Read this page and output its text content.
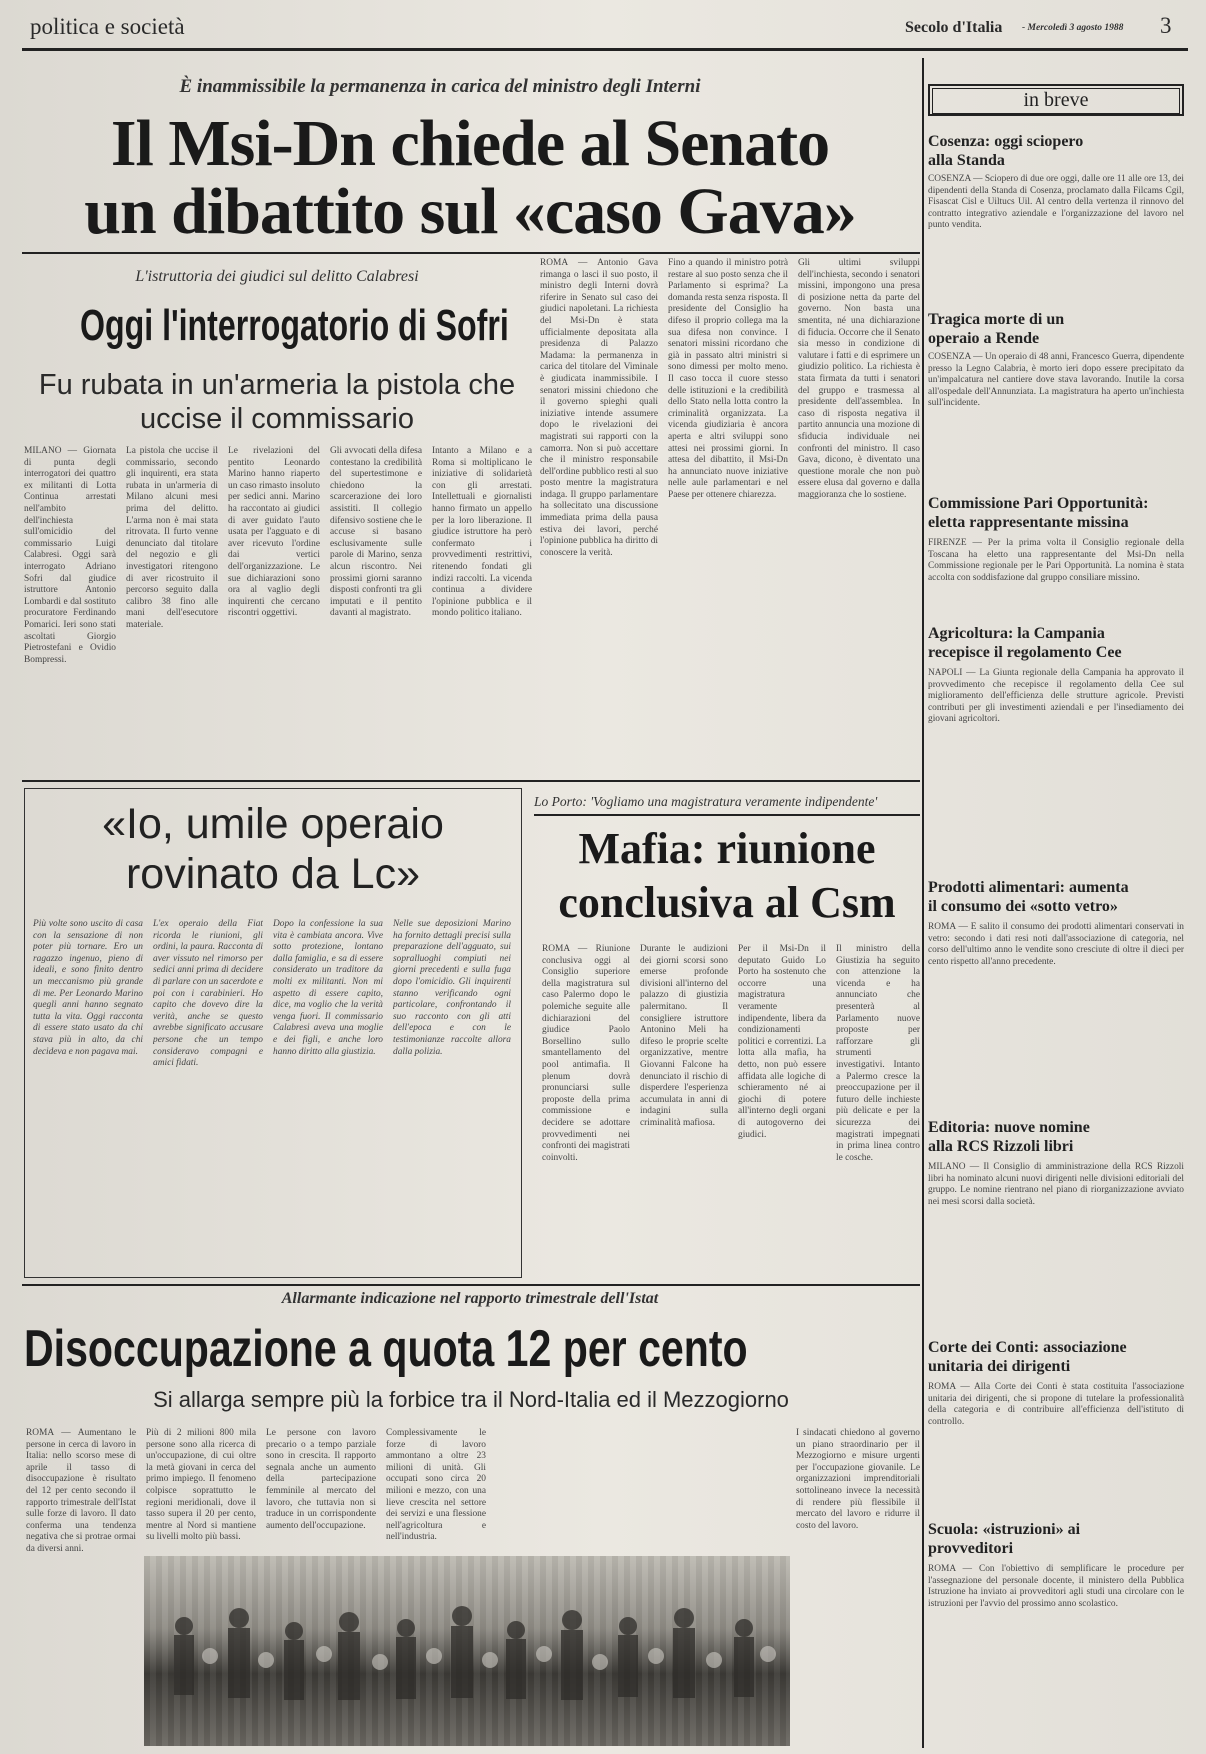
politica e società	Secolo d'Italia - Mercoledì 3 agosto 1988 3
È inammissibile la permanenza in carica del ministro degli Interni
Il Msi-Dn chiede al Senato
un dibattito sul «caso Gava»
L'istruttoria dei giudici sul delitto Calabresi
Oggi l'interrogatorio di Sofri
Fu rubata in un'armeria la pistola che uccise il commissario
MILANO — Giornata di punta degli interrogatori dei quattro ex militanti di Lotta Continua arrestati nell'ambito dell'inchiesta sull'omicidio del commissario Luigi Calabresi. Oggi sarà interrogato Adriano Sofri dal giudice istruttore Antonio Lombardi e dal sostituto procuratore Ferdinando Pomarici. Ieri sono stati ascoltati Giorgio Pietrostefani e Ovidio Bompressi.
La pistola che uccise il commissario, secondo gli inquirenti, era stata rubata in un'armeria di Milano alcuni mesi prima del delitto. L'arma non è mai stata ritrovata. Il furto venne denunciato dal titolare del negozio e gli investigatori ritengono di aver ricostruito il percorso seguito dalla calibro 38 fino alle mani dell'esecutore materiale.
Le rivelazioni del pentito Leonardo Marino hanno riaperto un caso rimasto insoluto per sedici anni. Marino ha raccontato ai giudici di aver guidato l'auto usata per l'agguato e di aver ricevuto l'ordine dai vertici dell'organizzazione. Le sue dichiarazioni sono ora al vaglio degli inquirenti che cercano riscontri oggettivi.
Gli avvocati della difesa contestano la credibilità del supertestimone e chiedono la scarcerazione dei loro assistiti. Il collegio difensivo sostiene che le accuse si basano esclusivamente sulle parole di Marino, senza alcun riscontro. Nei prossimi giorni saranno disposti confronti tra gli imputati e il pentito davanti al magistrato.
Intanto a Milano e a Roma si moltiplicano le iniziative di solidarietà con gli arrestati. Intellettuali e giornalisti hanno firmato un appello per la loro liberazione. Il giudice istruttore ha però confermato i provvedimenti restrittivi, ritenendo fondati gli indizi raccolti. La vicenda continua a dividere l'opinione pubblica e il mondo politico italiano.
ROMA — Antonio Gava rimanga o lasci il suo posto, il ministro degli Interni dovrà riferire in Senato sul caso dei giudici napoletani. La richiesta del Msi-Dn è stata ufficialmente depositata alla presidenza di Palazzo Madama: la permanenza in carica del titolare del Viminale è giudicata inammissibile. I senatori missini chiedono che il governo spieghi quali iniziative intende assumere dopo le rivelazioni dei magistrati sui rapporti con la camorra. Non si può accettare che il ministro responsabile dell'ordine pubblico resti al suo posto mentre la magistratura indaga. Il gruppo parlamentare ha sollecitato una discussione immediata prima della pausa estiva dei lavori, perché l'opinione pubblica ha diritto di conoscere la verità.
Fino a quando il ministro potrà restare al suo posto senza che il Parlamento si esprima? La domanda resta senza risposta. Il presidente del Consiglio ha difeso il proprio collega ma la sua difesa non convince. I senatori missini ricordano che già in passato altri ministri si sono dimessi per molto meno. Il caso tocca il cuore stesso delle istituzioni e la credibilità dello Stato nella lotta contro la criminalità organizzata. La vicenda giudiziaria è ancora aperta e altri sviluppi sono attesi nei prossimi giorni. In attesa del dibattito, il Msi-Dn ha annunciato nuove iniziative nelle aule parlamentari e nel Paese per ottenere chiarezza.
Gli ultimi sviluppi dell'inchiesta, secondo i senatori missini, impongono una presa di posizione netta da parte del governo. Non basta una smentita, né una dichiarazione di fiducia. Occorre che il Senato sia messo in condizione di valutare i fatti e di esprimere un giudizio politico. La richiesta è stata firmata da tutti i senatori del gruppo e trasmessa al presidente dell'assemblea. In caso di risposta negativa il partito annuncia una mozione di sfiducia individuale nei confronti del ministro. Il caso Gava, dicono, è diventato una questione morale che non può essere elusa dal governo e dalla maggioranza che lo sostiene.
«Io, umile operaio
rovinato da Lc»
Più volte sono uscito di casa con la sensazione di non poter più tornare. Ero un ragazzo ingenuo, pieno di ideali, e sono finito dentro un meccanismo più grande di me. Per Leonardo Marino quegli anni hanno segnato tutta la vita. Oggi racconta di essere stato usato da chi stava più in alto, da chi decideva e non pagava mai.
L'ex operaio della Fiat ricorda le riunioni, gli ordini, la paura. Racconta di aver vissuto nel rimorso per sedici anni prima di decidere di parlare con un sacerdote e poi con i carabinieri. Ho capito che dovevo dire la verità, anche se questo avrebbe significato accusare persone che un tempo consideravo compagni e amici fidati.
Dopo la confessione la sua vita è cambiata ancora. Vive sotto protezione, lontano dalla famiglia, e sa di essere considerato un traditore da molti ex militanti. Non mi aspetto di essere capito, dice, ma voglio che la verità venga fuori. Il commissario Calabresi aveva una moglie e dei figli, e anche loro hanno diritto alla giustizia.
Nelle sue deposizioni Marino ha fornito dettagli precisi sulla preparazione dell'agguato, sui sopralluoghi compiuti nei giorni precedenti e sulla fuga dopo l'omicidio. Gli inquirenti stanno verificando ogni particolare, confrontando il suo racconto con gli atti dell'epoca e con le testimonianze raccolte allora dalla polizia.
Lo Porto: 'Vogliamo una magistratura veramente indipendente'
Mafia: riunione
conclusiva al Csm
ROMA — Riunione conclusiva oggi al Consiglio superiore della magistratura sul caso Palermo dopo le polemiche seguite alle dichiarazioni del giudice Paolo Borsellino sullo smantellamento del pool antimafia. Il plenum dovrà pronunciarsi sulle proposte della prima commissione e decidere se adottare provvedimenti nei confronti dei magistrati coinvolti.
Durante le audizioni dei giorni scorsi sono emerse profonde divisioni all'interno del palazzo di giustizia palermitano. Il consigliere istruttore Antonino Meli ha difeso le proprie scelte organizzative, mentre Giovanni Falcone ha denunciato il rischio di disperdere l'esperienza accumulata in anni di indagini sulla criminalità mafiosa.
Per il Msi-Dn il deputato Guido Lo Porto ha sostenuto che occorre una magistratura veramente indipendente, libera da condizionamenti politici e correntizi. La lotta alla mafia, ha detto, non può essere affidata alle logiche di schieramento né ai giochi di potere all'interno degli organi di autogoverno dei giudici.
Il ministro della Giustizia ha seguito con attenzione la vicenda e ha annunciato che presenterà al Parlamento nuove proposte per rafforzare gli strumenti investigativi. Intanto a Palermo cresce la preoccupazione per il futuro delle inchieste più delicate e per la sicurezza dei magistrati impegnati in prima linea contro le cosche.
Allarmante indicazione nel rapporto trimestrale dell'Istat
Disoccupazione a quota 12 per cento
Si allarga sempre più la forbice tra il Nord-Italia ed il Mezzogiorno
ROMA — Aumentano le persone in cerca di lavoro in Italia: nello scorso mese di aprile il tasso di disoccupazione è risultato del 12 per cento secondo il rapporto trimestrale dell'Istat sulle forze di lavoro. Il dato conferma una tendenza negativa che si protrae ormai da diversi anni.
Più di 2 milioni 800 mila persone sono alla ricerca di un'occupazione, di cui oltre la metà giovani in cerca del primo impiego. Il fenomeno colpisce soprattutto le regioni meridionali, dove il tasso supera il 20 per cento, mentre al Nord si mantiene su livelli molto più bassi.
Le persone con lavoro precario o a tempo parziale sono in crescita. Il rapporto segnala anche un aumento della partecipazione femminile al mercato del lavoro, che tuttavia non si traduce in un corrispondente aumento dell'occupazione.
Complessivamente le forze di lavoro ammontano a oltre 23 milioni di unità. Gli occupati sono circa 20 milioni e mezzo, con una lieve crescita nel settore dei servizi e una flessione nell'agricoltura e nell'industria.
I sindacati chiedono al governo un piano straordinario per il Mezzogiorno e misure urgenti per l'occupazione giovanile. Le organizzazioni imprenditoriali sottolineano invece la necessità di rendere più flessibile il mercato del lavoro e ridurre il costo del lavoro.
in breve
Cosenza: oggi sciopero alla Standa
COSENZA — Sciopero di due ore oggi, dalle ore 11 alle ore 13, dei dipendenti della Standa di Cosenza, proclamato dalla Filcams Cgil, Fisascat Cisl e Uiltucs Uil. Al centro della vertenza il rinnovo del contratto integrativo aziendale e l'organizzazione del lavoro nel punto vendita.
Tragica morte di un operaio a Rende
COSENZA — Un operaio di 48 anni, Francesco Guerra, dipendente presso la Legno Calabria, è morto ieri dopo essere precipitato da un'impalcatura nel cantiere dove stava lavorando. Inutile la corsa all'ospedale dell'Annunziata. La magistratura ha aperto un'inchiesta sull'incidente.
Commissione Pari Opportunità: eletta rappresentante missina
FIRENZE — Per la prima volta il Consiglio regionale della Toscana ha eletto una rappresentante del Msi-Dn nella Commissione regionale per le Pari Opportunità. La nomina è stata accolta con soddisfazione dal gruppo consiliare missino.
Agricoltura: la Campania recepisce il regolamento Cee
NAPOLI — La Giunta regionale della Campania ha approvato il provvedimento che recepisce il regolamento della Cee sul miglioramento dell'efficienza delle strutture agricole. Previsti contributi per gli investimenti aziendali e per l'insediamento dei giovani agricoltori.
Prodotti alimentari: aumenta il consumo dei «sotto vetro»
ROMA — È salito il consumo dei prodotti alimentari conservati in vetro: secondo i dati resi noti dall'associazione di categoria, nel corso dell'ultimo anno le vendite sono cresciute di oltre il dieci per cento rispetto all'anno precedente.
Editoria: nuove nomine alla RCS Rizzoli libri
MILANO — Il Consiglio di amministrazione della RCS Rizzoli libri ha nominato alcuni nuovi dirigenti nelle divisioni editoriali del gruppo. Le nomine rientrano nel piano di riorganizzazione avviato nei mesi scorsi dalla società.
Corte dei Conti: associazione unitaria dei dirigenti
ROMA — Alla Corte dei Conti è stata costituita l'associazione unitaria dei dirigenti, che si propone di tutelare la professionalità della categoria e di contribuire all'efficienza dell'istituto di controllo.
Scuola: «istruzioni» ai provveditori
ROMA — Con l'obiettivo di semplificare le procedure per l'assegnazione del personale docente, il ministero della Pubblica Istruzione ha inviato ai provveditori agli studi una circolare con le istruzioni per l'avvio del prossimo anno scolastico.
